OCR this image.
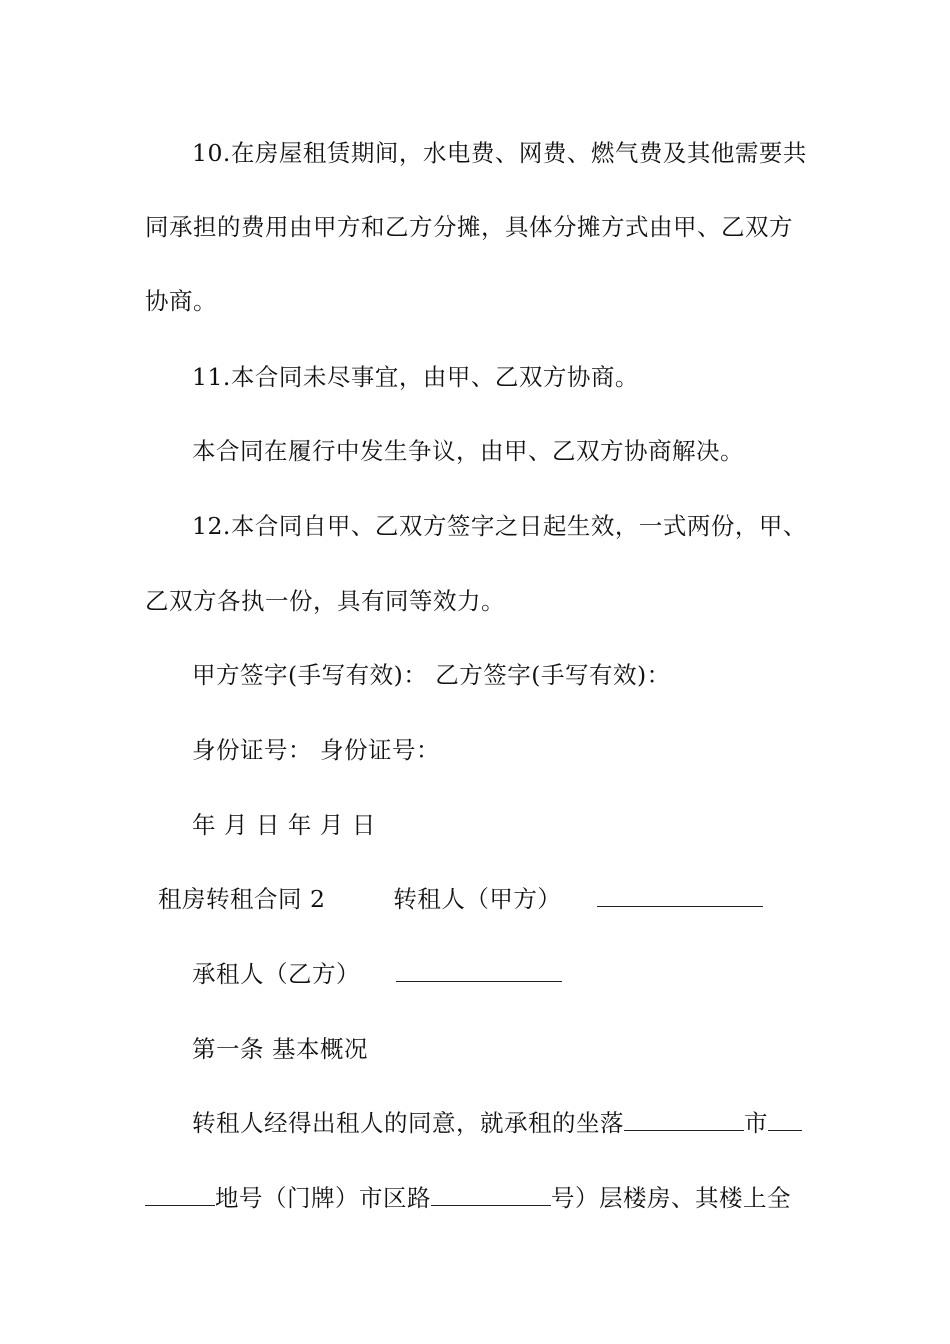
10.在房屋租赁期间，水电费、网费、燃气费及其他需要共
同承担的费用由甲方和乙方分摊，具体分摊方式由甲、乙双方
协商。
11.本合同未尽事宜，由甲、乙双方协商。
本合同在履行中发生争议，由甲、乙双方协商解决。
12.本合同自甲、乙双方签字之日起生效，一式两份，甲、
乙双方各执一份，具有同等效力。
甲方签字(手写有效)： 乙方签字(手写有效)：
身份证号： 身份证号：
年 月 日 年 月 日
租房转租合同 2	转租人（甲方）
承租人（乙方）
第一条 基本概况
转租人经得出租人的同意，就承租的坐落	市
地号（门牌）市区路	号）层楼房、其楼上全
